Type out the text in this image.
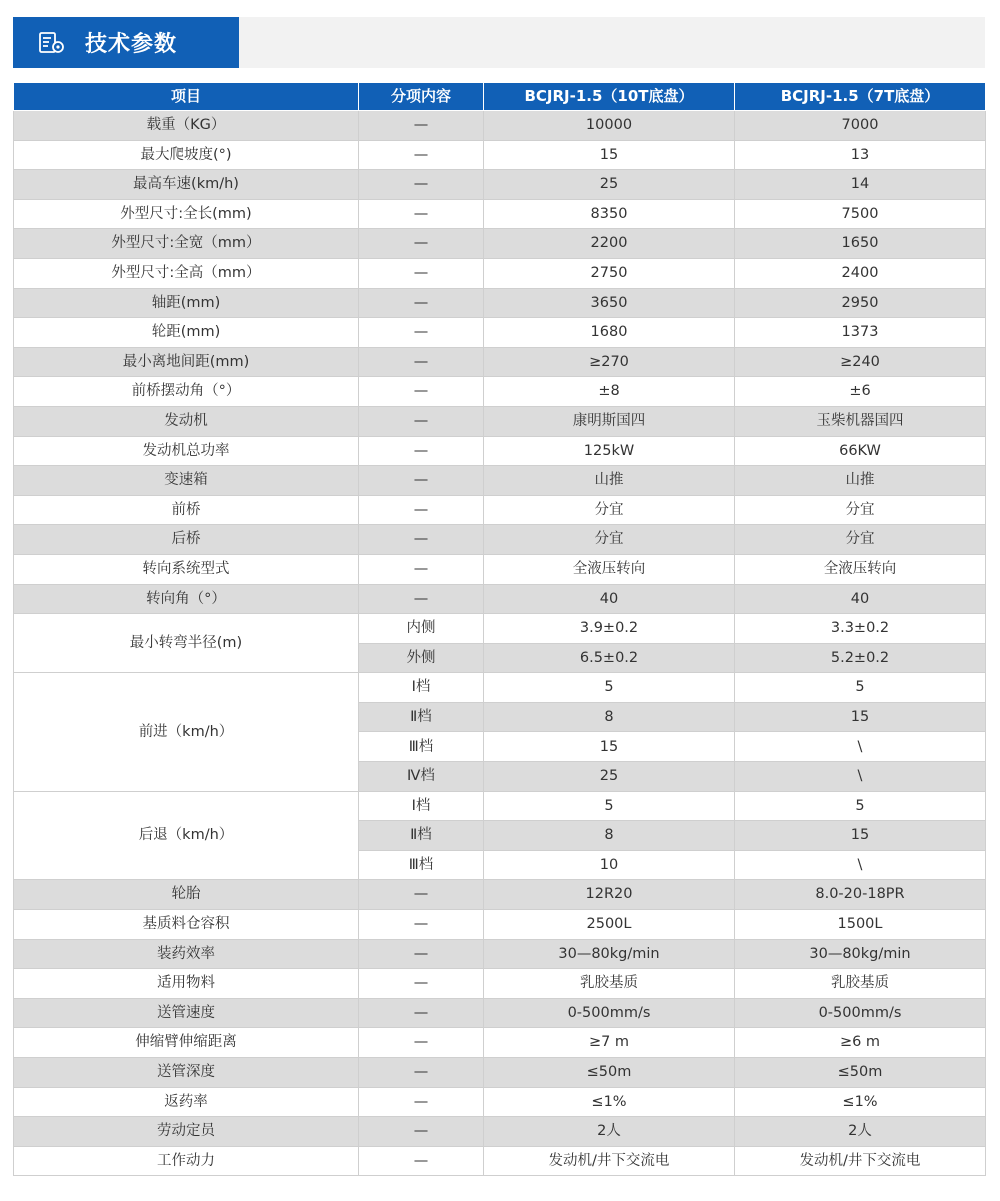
技术参数
项目	分项内容	BCJRJ-1.5（10T底盘）	BCJRJ-1.5（7T底盘）
载重（KG）	—	10000	7000
最大爬坡度(°)	—	15	13
最高车速(km/h)	—	25	14
外型尺寸:全长(mm)	—	8350	7500
外型尺寸:全宽（mm）	—	2200	1650
外型尺寸:全高（mm）	—	2750	2400
轴距(mm)	—	3650	2950
轮距(mm)	—	1680	1373
最小离地间距(mm)	—	≥270	≥240
前桥摆动角（°）	—	±8	±6
发动机	—	康明斯国四	玉柴机器国四
发动机总功率	—	125kW	66KW
变速箱	—	山推	山推
前桥	—	分宜	分宜
后桥	—	分宜	分宜
转向系统型式	—	全液压转向	全液压转向
转向角（°）	—	40	40
最小转弯半径(m)	内侧	3.9±0.2	3.3±0.2
	外侧	6.5±0.2	5.2±0.2
前进（km/h）	Ⅰ档	5	5
	Ⅱ档	8	15
	Ⅲ档	15	\
	Ⅳ档	25	\
后退（km/h）	Ⅰ档	5	5
	Ⅱ档	8	15
	Ⅲ档	10	\
轮胎	—	12R20	8.0-20-18PR
基质料仓容积	—	2500L	1500L
装药效率	—	30—80kg/min	30—80kg/min
适用物料	—	乳胶基质	乳胶基质
送管速度	—	0-500mm/s	0-500mm/s
伸缩臂伸缩距离	—	≥7 m	≥6 m
送管深度	—	≤50m	≤50m
返药率	—	≤1%	≤1%
劳动定员	—	2人	2人
工作动力	—	发动机/井下交流电	发动机/井下交流电
